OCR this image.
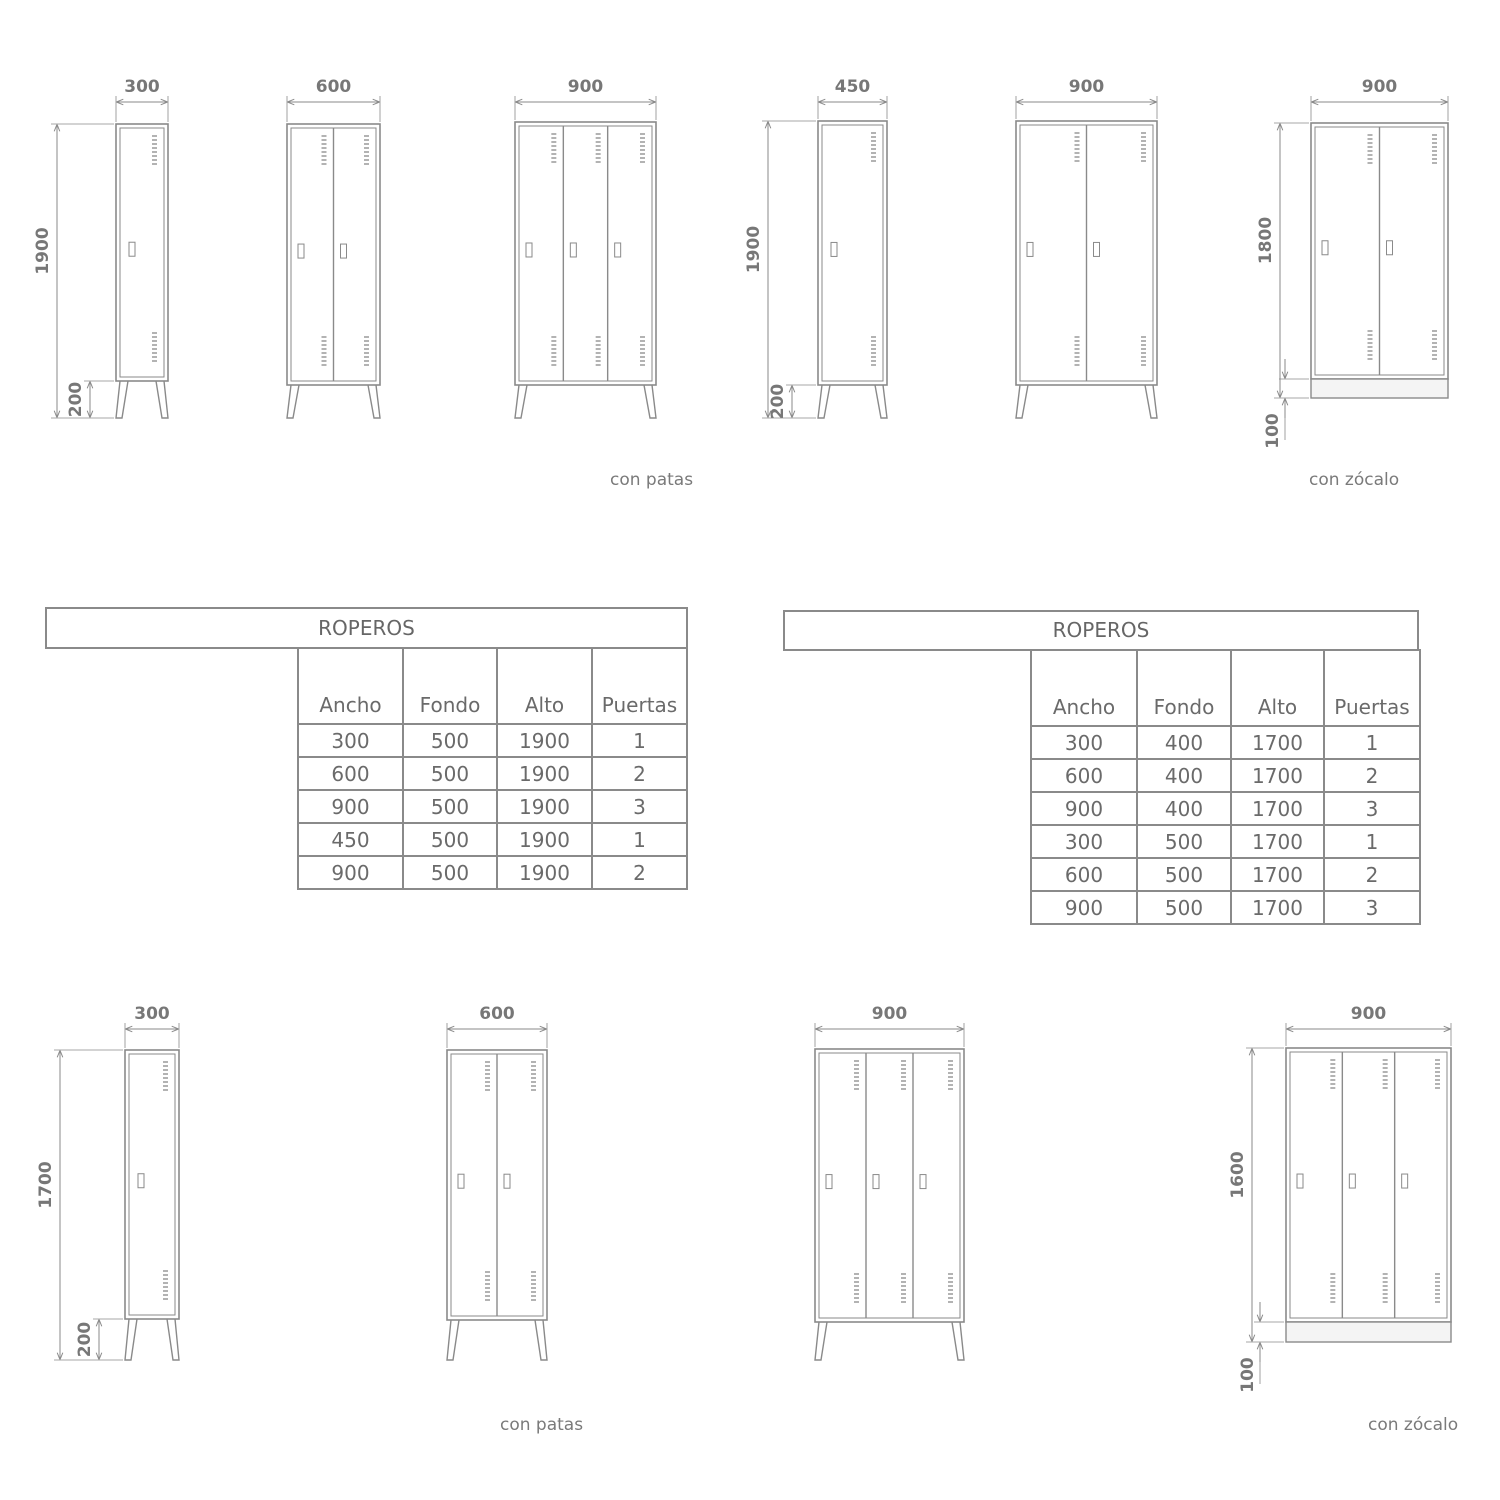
300
1900
200
600	900	450
1900
200
900	900
1800
100
300
1700
200
600	900	900
1600
100
con patas	con zócalo
con patas	con zócalo
ROPEROS
Ancho	Fondo	Alto	Puertas
300	500	1900	1
600	500	1900	2
900	500	1900	3
450	500	1900	1
900	500	1900	2
ROPEROS
Ancho	Fondo	Alto	Puertas
300	400	1700	1
600	400	1700	2
900	400	1700	3
300	500	1700	1
600	500	1700	2
900	500	1700	3
